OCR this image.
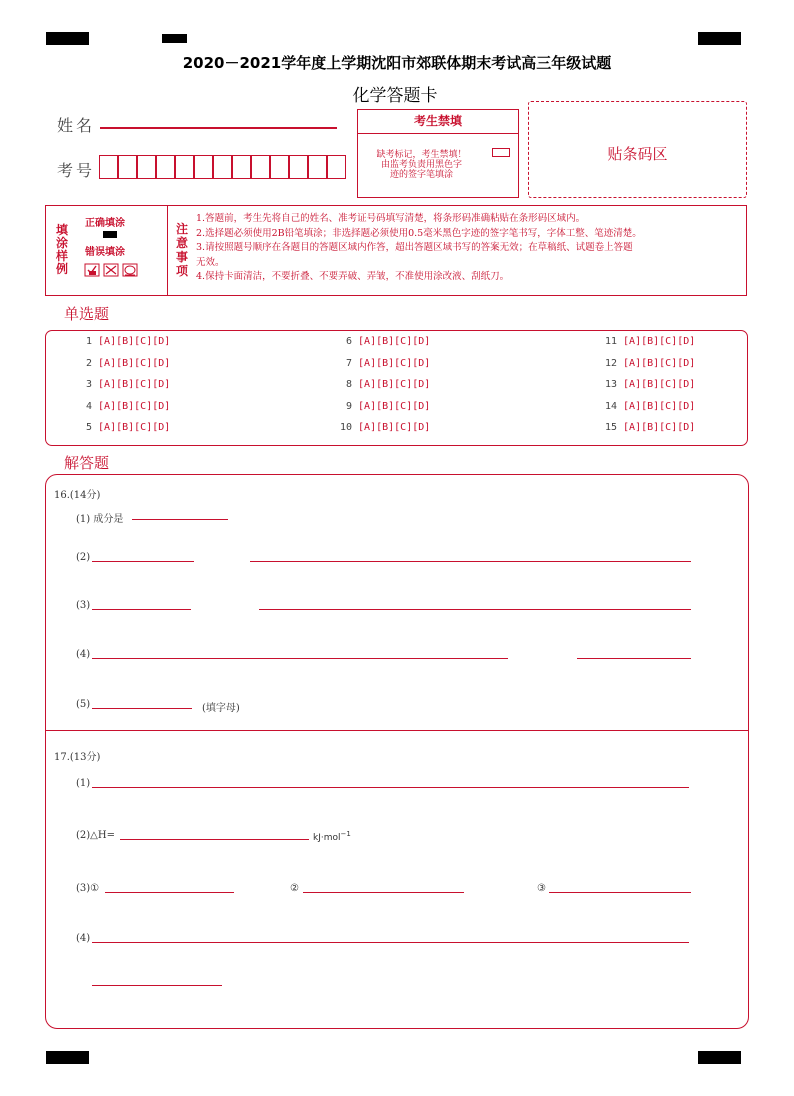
2020－2021学年度上学期沈阳市郊联体期末考试高三年级试题
化学答题卡
姓名
考号
考生禁填
缺考标记，考生禁填！
由监考负责用黑色字
迹的签字笔填涂
贴条码区
填涂样例
正确填涂
错误填涂
注意事项
1.答题前，考生先将自己的姓名、准考证号码填写清楚，将条形码准确粘贴在条形码区域内。
2.选择题必须使用2B铅笔填涂；非选择题必须使用0.5毫米黑色字迹的签字笔书写，字体工整、笔迹清楚。
3.请按照题号顺序在各题目的答题区域内作答，超出答题区域书写的答案无效；在草稿纸、试题卷上答题
无效。
4.保持卡面清洁，不要折叠、不要弄破、弄皱，不准使用涂改液、刮纸刀。
单选题
1 [A][B][C][D]
2 [A][B][C][D]
3 [A][B][C][D]
4 [A][B][C][D]
5 [A][B][C][D]
6 [A][B][C][D]
7 [A][B][C][D]
8 [A][B][C][D]
9 [A][B][C][D]
10 [A][B][C][D]
11 [A][B][C][D]
12 [A][B][C][D]
13 [A][B][C][D]
14 [A][B][C][D]
15 [A][B][C][D]
解答题
16.(14分)
(1) 成分是
(2)
(3)
(4)
(5)	(填字母)
17.(13分)
(1)
(2)△H=	kJ·mol$^{-1}$
(3)①	②	③
(4)
